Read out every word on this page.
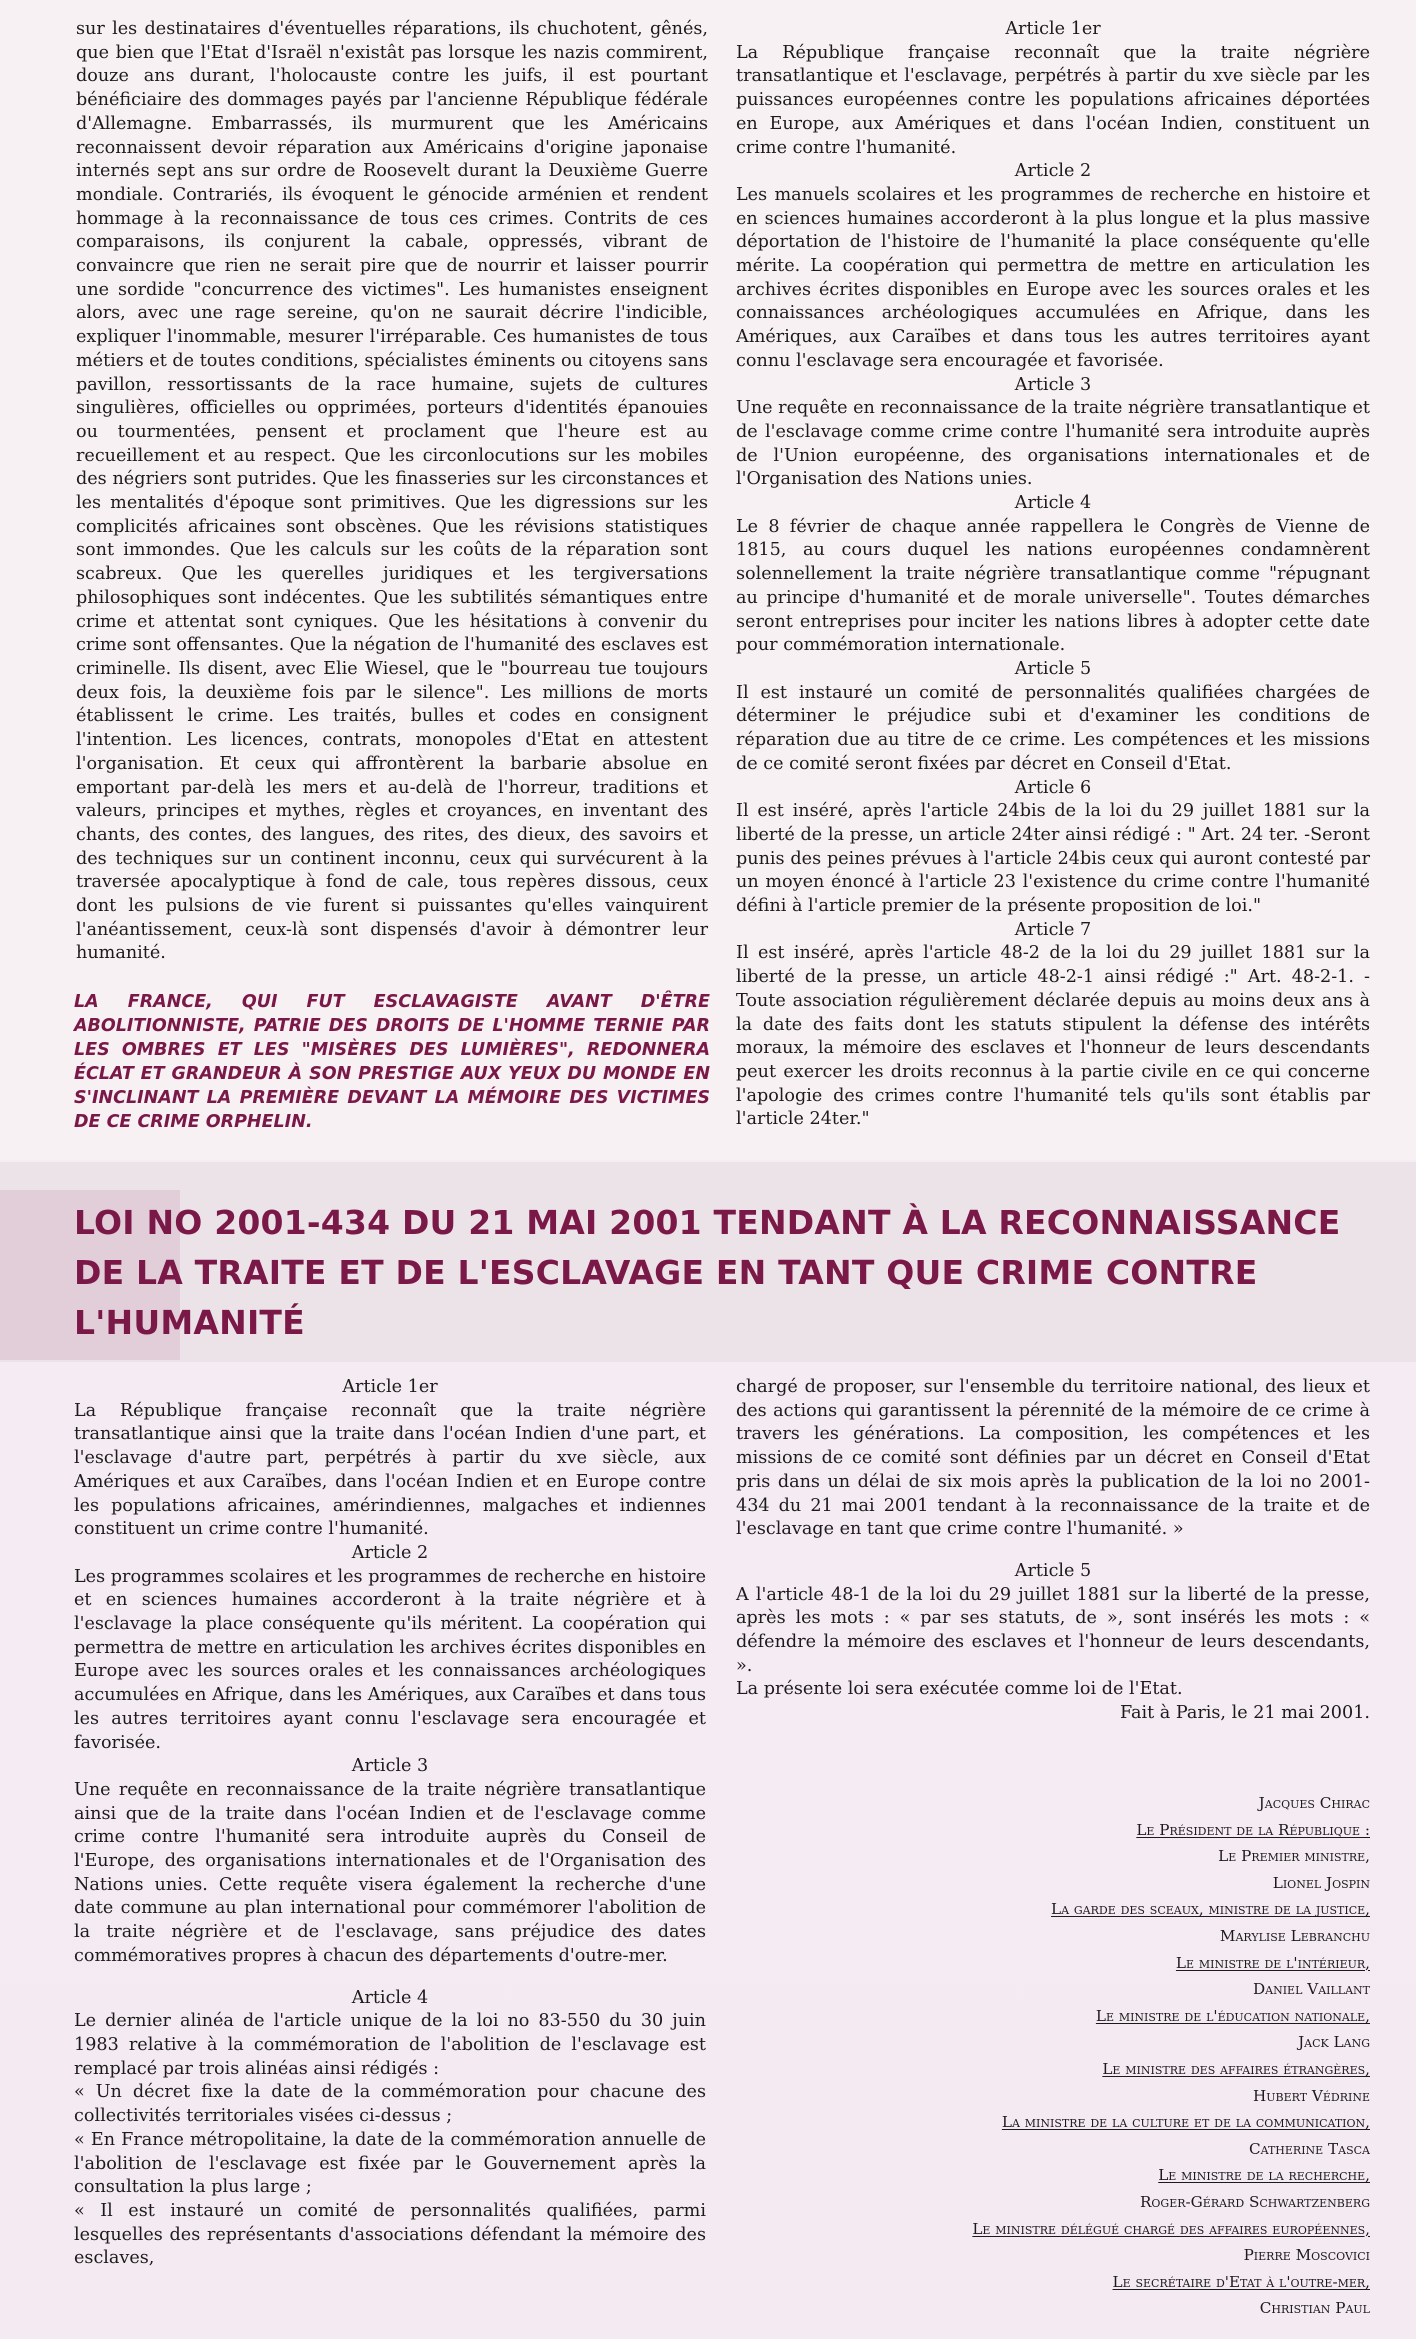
sur les destinataires d'éventuelles réparations, ils chuchotent, gênés, que bien que l'Etat d'Israël n'existât pas lorsque les nazis commirent, douze ans durant, l'holocauste contre les juifs, il est pourtant bénéficiaire des dommages payés par l'ancienne République fédérale d'Allemagne. Embarrassés, ils murmurent que les Américains reconnaissent devoir réparation aux Américains d'origine japonaise internés sept ans sur ordre de Roosevelt durant la Deuxième Guerre mondiale. Contrariés, ils évoquent le génocide arménien et rendent hommage à la reconnaissance de tous ces crimes. Contrits de ces comparaisons, ils conjurent la cabale, oppressés, vibrant de convaincre que rien ne serait pire que de nourrir et laisser pourrir une sordide "concurrence des victimes". Les humanistes enseignent alors, avec une rage sereine, qu'on ne saurait décrire l'indicible, expliquer l'inommable, mesurer l'irréparable. Ces humanistes de tous métiers et de toutes conditions, spécialistes éminents ou citoyens sans pavillon, ressortissants de la race humaine, sujets de cultures singulières, officielles ou opprimées, porteurs d'identités épanouies ou tourmentées, pensent et proclament que l'heure est au recueillement et au respect. Que les circonlocutions sur les mobiles des négriers sont putrides. Que les finasseries sur les circonstances et les mentalités d'époque sont primitives. Que les digressions sur les complicités africaines sont obscènes. Que les révisions statistiques sont immondes. Que les calculs sur les coûts de la réparation sont scabreux. Que les querelles juridiques et les tergiversations philosophiques sont indécentes. Que les subtilités sémantiques entre crime et attentat sont cyniques. Que les hésitations à convenir du crime sont offensantes. Que la négation de l'humanité des esclaves est criminelle. Ils disent, avec Elie Wiesel, que le "bourreau tue toujours deux fois, la deuxième fois par le silence". Les millions de morts établissent le crime. Les traités, bulles et codes en consignent l'intention. Les licences, contrats, monopoles d'Etat en attestent l'organisation. Et ceux qui affrontèrent la barbarie absolue en emportant par-delà les mers et au-delà de l'horreur, traditions et valeurs, principes et mythes, règles et croyances, en inventant des chants, des contes, des langues, des rites, des dieux, des savoirs et des techniques sur un continent inconnu, ceux qui survécurent à la traversée apocalyptique à fond de cale, tous repères dissous, ceux dont les pulsions de vie furent si puissantes qu'elles vainquirent l'anéantissement, ceux-là sont dispensés d'avoir à démontrer leur humanité.

LA FRANCE, QUI FUT ESCLAVAGISTE AVANT D'ÊTRE ABOLITIONNISTE, PATRIE DES DROITS DE L'HOMME TERNIE PAR LES OMBRES ET LES "MISÈRES DES LUMIÈRES", REDONNERA ÉCLAT ET GRANDEUR À SON PRESTIGE AUX YEUX DU MONDE EN S'INCLINANT LA PREMIÈRE DEVANT LA MÉMOIRE DES VICTIMES DE CE CRIME ORPHELIN.

Article 1er

La République française reconnaît que la traite négrière transatlantique et l'esclavage, perpétrés à partir du xve siècle par les puissances européennes contre les populations africaines déportées en Europe, aux Amériques et dans l'océan Indien, constituent un crime contre l'humanité.

Article 2

Les manuels scolaires et les programmes de recherche en histoire et en sciences humaines accorderont à la plus longue et la plus massive déportation de l'histoire de l'humanité la place conséquente qu'elle mérite. La coopération qui permettra de mettre en articulation les archives écrites disponibles en Europe avec les sources orales et les connaissances archéologiques accumulées en Afrique, dans les Amériques, aux Caraïbes et dans tous les autres territoires ayant connu l'esclavage sera encouragée et favorisée.

Article 3

Une requête en reconnaissance de la traite négrière transatlantique et de l'esclavage comme crime contre l'humanité sera introduite auprès de l'Union européenne, des organisations internationales et de l'Organisation des Nations unies.

Article 4

Le 8 février de chaque année rappellera le Congrès de Vienne de 1815, au cours duquel les nations européennes condamnèrent solennellement la traite négrière transatlantique comme "répugnant au principe d'humanité et de morale universelle". Toutes démarches seront entreprises pour inciter les nations libres à adopter cette date pour commémoration internationale.

Article 5

Il est instauré un comité de personnalités qualifiées chargées de déterminer le préjudice subi et d'examiner les conditions de réparation due au titre de ce crime. Les compétences et les missions de ce comité seront fixées par décret en Conseil d'Etat.

Article 6

Il est inséré, après l'article 24bis de la loi du 29 juillet 1881 sur la liberté de la presse, un article 24ter ainsi rédigé : " Art. 24 ter. -Seront punis des peines prévues à l'article 24bis ceux qui auront contesté par un moyen énoncé à l'article 23 l'existence du crime contre l'humanité défini à l'article premier de la présente proposition de loi."

Article 7

Il est inséré, après l'article 48-2 de la loi du 29 juillet 1881 sur la liberté de la presse, un article 48-2-1 ainsi rédigé :" Art. 48-2-1. - Toute association régulièrement déclarée depuis au moins deux ans à la date des faits dont les statuts stipulent la défense des intérêts moraux, la mémoire des esclaves et l'honneur de leurs descendants peut exercer les droits reconnus à la partie civile en ce qui concerne l'apologie des crimes contre l'humanité tels qu'ils sont établis par l'article 24ter."

LOI NO 2001-434 DU 21 MAI 2001 TENDANT À LA RECONNAISSANCE DE LA TRAITE ET DE L'ESCLAVAGE EN TANT QUE CRIME CONTRE L'HUMANITÉ

Article 1er

La République française reconnaît que la traite négrière transatlantique ainsi que la traite dans l'océan Indien d'une part, et l'esclavage d'autre part, perpétrés à partir du xve siècle, aux Amériques et aux Caraïbes, dans l'océan Indien et en Europe contre les populations africaines, amérindiennes, malgaches et indiennes constituent un crime contre l'humanité.

Article 2

Les programmes scolaires et les programmes de recherche en histoire et en sciences humaines accorderont à la traite négrière et à l'esclavage la place conséquente qu'ils méritent. La coopération qui permettra de mettre en articulation les archives écrites disponibles en Europe avec les sources orales et les connaissances archéologiques accumulées en Afrique, dans les Amériques, aux Caraïbes et dans tous les autres territoires ayant connu l'esclavage sera encouragée et favorisée.

Article 3

Une requête en reconnaissance de la traite négrière transatlantique ainsi que de la traite dans l'océan Indien et de l'esclavage comme crime contre l'humanité sera introduite auprès du Conseil de l'Europe, des organisations internationales et de l'Organisation des Nations unies. Cette requête visera également la recherche d'une date commune au plan international pour commémorer l'abolition de la traite négrière et de l'esclavage, sans préjudice des dates commémoratives propres à chacun des départements d'outre-mer.

Article 4

Le dernier alinéa de l'article unique de la loi no 83-550 du 30 juin 1983 relative à la commémoration de l'abolition de l'esclavage est remplacé par trois alinéas ainsi rédigés :

« Un décret fixe la date de la commémoration pour chacune des collectivités territoriales visées ci-dessus ;

« En France métropolitaine, la date de la commémoration annuelle de l'abolition de l'esclavage est fixée par le Gouvernement après la consultation la plus large ;

« Il est instauré un comité de personnalités qualifiées, parmi lesquelles des représentants d'associations défendant la mémoire des esclaves,

chargé de proposer, sur l'ensemble du territoire national, des lieux et des actions qui garantissent la pérennité de la mémoire de ce crime à travers les générations. La composition, les compétences et les missions de ce comité sont définies par un décret en Conseil d'Etat pris dans un délai de six mois après la publication de la loi no 2001-434 du 21 mai 2001 tendant à la reconnaissance de la traite et de l'esclavage en tant que crime contre l'humanité. »

Article 5

A l'article 48-1 de la loi du 29 juillet 1881 sur la liberté de la presse, après les mots : « par ses statuts, de », sont insérés les mots : « défendre la mémoire des esclaves et l'honneur de leurs descendants, ».

La présente loi sera exécutée comme loi de l'Etat.

Fait à Paris, le 21 mai 2001.

Jacques Chirac
Le Président de la République :
Le Premier ministre,
Lionel Jospin
La garde des sceaux, ministre de la justice,
Marylise Lebranchu
Le ministre de l'intérieur,
Daniel Vaillant
Le ministre de l'éducation nationale,
Jack Lang
Le ministre des affaires étrangères,
Hubert Védrine
La ministre de la culture et de la communication,
Catherine Tasca
Le ministre de la recherche,
Roger-Gérard Schwartzenberg
Le ministre délégué chargé des affaires européennes,
Pierre Moscovici
Le secrétaire d'Etat à l'outre-mer,
Christian Paul
